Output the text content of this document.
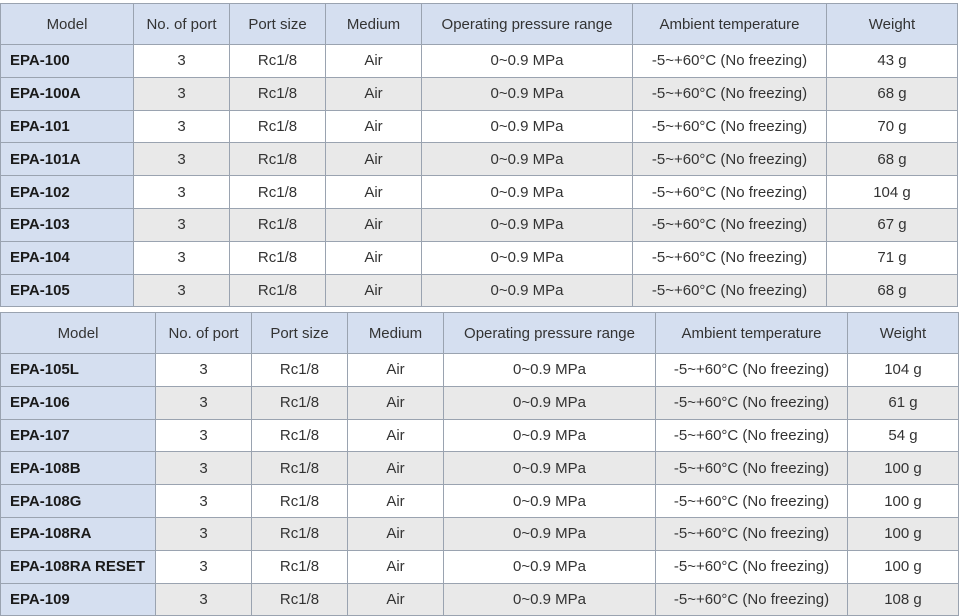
Model	No. of port	Port size	Medium	Operating pressure range	Ambient temperature	Weight
EPA-100	3	Rc1/8	Air	0~0.9 MPa	-5~+60°C (No freezing)	43 g
EPA-100A	3	Rc1/8	Air	0~0.9 MPa	-5~+60°C (No freezing)	68 g
EPA-101	3	Rc1/8	Air	0~0.9 MPa	-5~+60°C (No freezing)	70 g
EPA-101A	3	Rc1/8	Air	0~0.9 MPa	-5~+60°C (No freezing)	68 g
EPA-102	3	Rc1/8	Air	0~0.9 MPa	-5~+60°C (No freezing)	104 g
EPA-103	3	Rc1/8	Air	0~0.9 MPa	-5~+60°C (No freezing)	67 g
EPA-104	3	Rc1/8	Air	0~0.9 MPa	-5~+60°C (No freezing)	71 g
EPA-105	3	Rc1/8	Air	0~0.9 MPa	-5~+60°C (No freezing)	68 g
Model	No. of port	Port size	Medium	Operating pressure range	Ambient temperature	Weight
EPA-105L	3	Rc1/8	Air	0~0.9 MPa	-5~+60°C (No freezing)	104 g
EPA-106	3	Rc1/8	Air	0~0.9 MPa	-5~+60°C (No freezing)	61 g
EPA-107	3	Rc1/8	Air	0~0.9 MPa	-5~+60°C (No freezing)	54 g
EPA-108B	3	Rc1/8	Air	0~0.9 MPa	-5~+60°C (No freezing)	100 g
EPA-108G	3	Rc1/8	Air	0~0.9 MPa	-5~+60°C (No freezing)	100 g
EPA-108RA	3	Rc1/8	Air	0~0.9 MPa	-5~+60°C (No freezing)	100 g
EPA-108RA RESET	3	Rc1/8	Air	0~0.9 MPa	-5~+60°C (No freezing)	100 g
EPA-109	3	Rc1/8	Air	0~0.9 MPa	-5~+60°C (No freezing)	108 g
